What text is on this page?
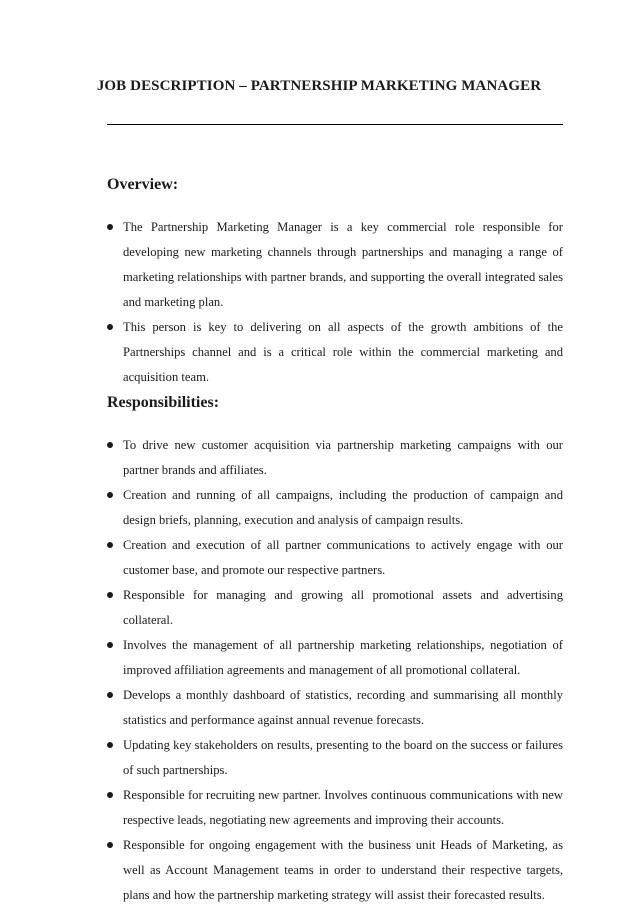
JOB DESCRIPTION – PARTNERSHIP MARKETING MANAGER
Overview:
The Partnership Marketing Manager is a key commercial role responsible for developing new marketing channels through partnerships and managing a range of marketing relationships with partner brands, and supporting the overall integrated sales and marketing plan.
This person is key to delivering on all aspects of the growth ambitions of the Partnerships channel and is a critical role within the commercial marketing and acquisition team.
Responsibilities:
To drive new customer acquisition via partnership marketing campaigns with our partner brands and affiliates.
Creation and running of all campaigns, including the production of campaign and design briefs, planning, execution and analysis of campaign results.
Creation and execution of all partner communications to actively engage with our customer base, and promote our respective partners.
Responsible for managing and growing all promotional assets and advertising collateral.
Involves the management of all partnership marketing relationships, negotiation of improved affiliation agreements and management of all promotional collateral.
Develops a monthly dashboard of statistics, recording and summarising all monthly statistics and performance against annual revenue forecasts.
Updating key stakeholders on results, presenting to the board on the success or failures of such partnerships.
Responsible for recruiting new partner. Involves continuous communications with new respective leads, negotiating new agreements and improving their accounts.
Responsible for ongoing engagement with the business unit Heads of Marketing, as well as Account Management teams in order to understand their respective targets, plans and how the partnership marketing strategy will assist their forecasted results.
